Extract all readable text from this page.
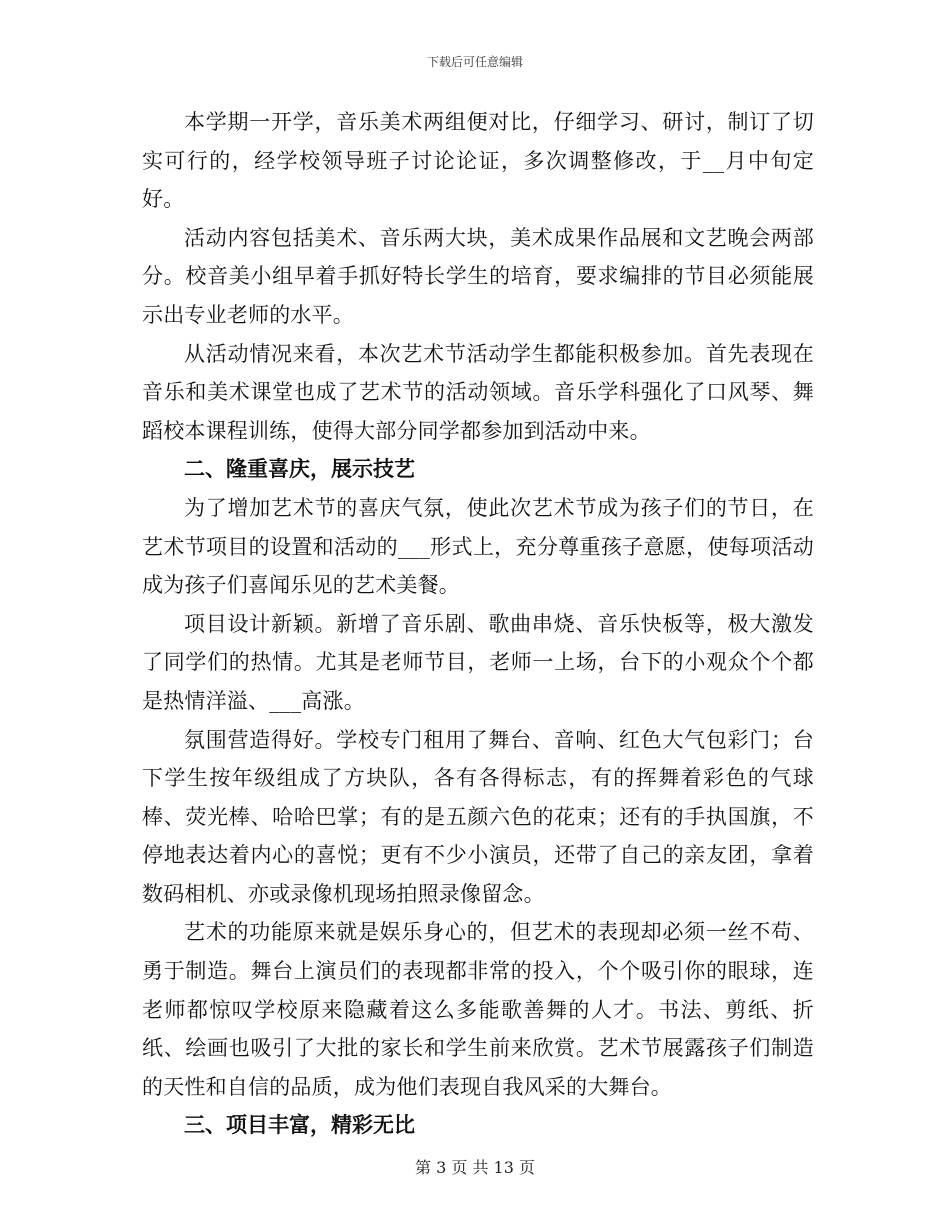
下载后可任意编辑

本学期一开学，音乐美术两组便对比，仔细学习、研讨，制订了切实可行的，经学校领导班子讨论论证，多次调整修改，于__月中旬定好。

活动内容包括美术、音乐两大块，美术成果作品展和文艺晚会两部分。校音美小组早着手抓好特长学生的培育，要求编排的节目必须能展示出专业老师的水平。

从活动情况来看，本次艺术节活动学生都能积极参加。首先表现在音乐和美术课堂也成了艺术节的活动领域。音乐学科强化了口风琴、舞蹈校本课程训练，使得大部分同学都参加到活动中来。

二、隆重喜庆，展示技艺

为了增加艺术节的喜庆气氛，使此次艺术节成为孩子们的节日，在艺术节项目的设置和活动的___形式上，充分尊重孩子意愿，使每项活动成为孩子们喜闻乐见的艺术美餐。

项目设计新颖。新增了音乐剧、歌曲串烧、音乐快板等，极大激发了同学们的热情。尤其是老师节目，老师一上场，台下的小观众个个都是热情洋溢、___高涨。

氛围营造得好。学校专门租用了舞台、音响、红色大气包彩门；台下学生按年级组成了方块队，各有各得标志，有的挥舞着彩色的气球棒、荧光棒、哈哈巴掌；有的是五颜六色的花束；还有的手执国旗，不停地表达着内心的喜悦；更有不少小演员，还带了自己的亲友团，拿着数码相机、亦或录像机现场拍照录像留念。

艺术的功能原来就是娱乐身心的，但艺术的表现却必须一丝不苟、勇于制造。舞台上演员们的表现都非常的投入，个个吸引你的眼球，连老师都惊叹学校原来隐藏着这么多能歌善舞的人才。书法、剪纸、折纸、绘画也吸引了大批的家长和学生前来欣赏。艺术节展露孩子们制造的天性和自信的品质，成为他们表现自我风采的大舞台。

三、项目丰富，精彩无比

第 3 页 共 13 页
